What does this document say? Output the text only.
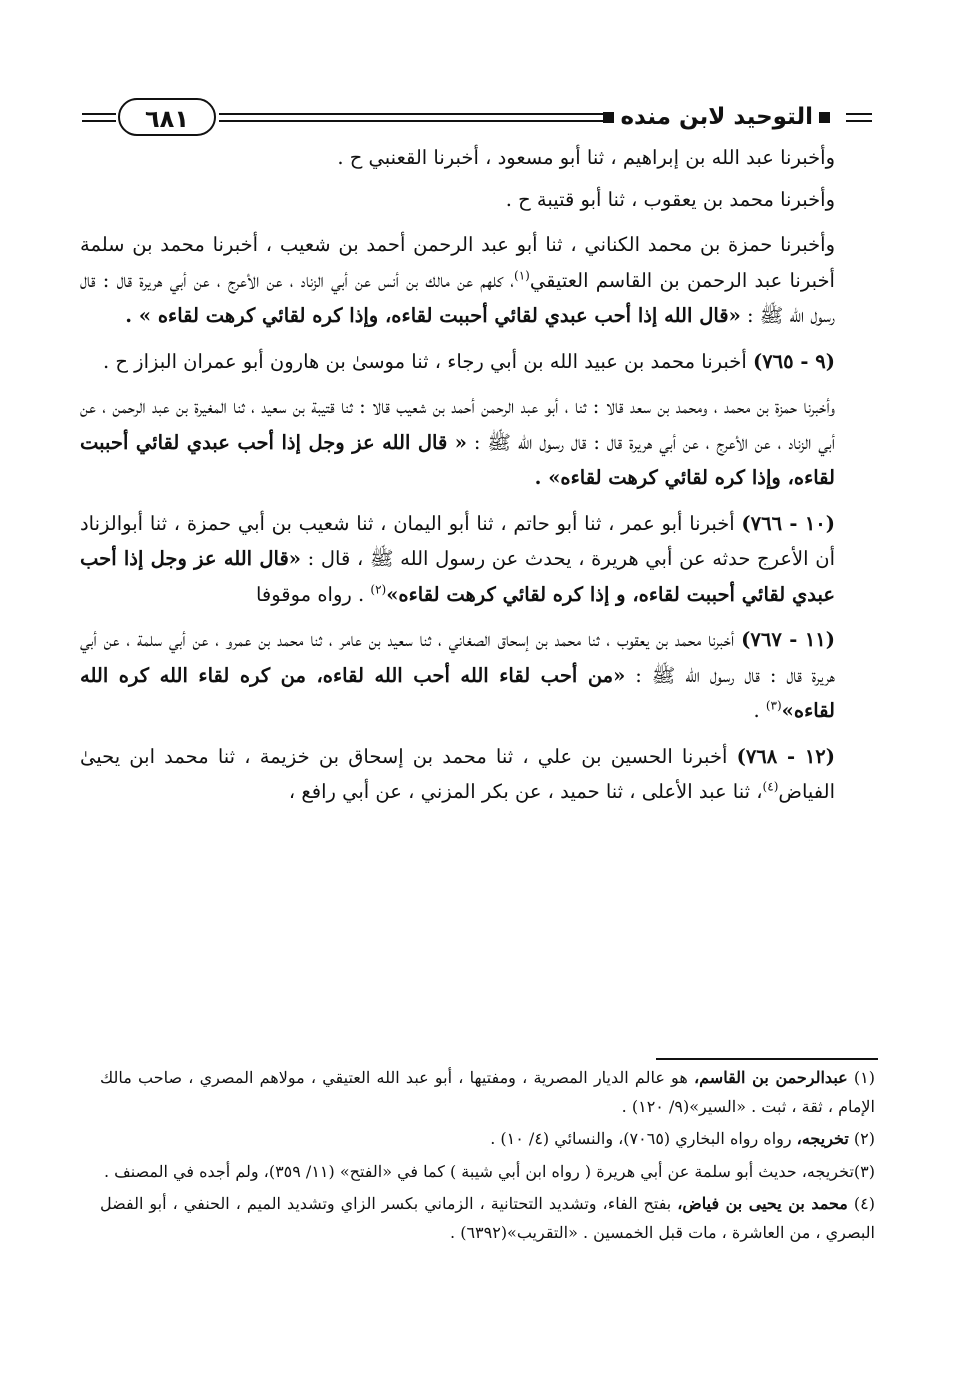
التوحيد لابن منده
٦٨١

وأخبرنا عبد الله بن إبراهيم ، ثنا أبو مسعود ، أخبرنا القعنبي ح .

وأخبرنا محمد بن يعقوب ، ثنا أبو قتيبة ح .

وأخبرنا حمزة بن محمد الكناني ، ثنا أبو عبد الرحمن أحمد بن شعيب ، أخبرنا محمد بن سلمة أخبرنا عبد الرحمن بن القاسم العتيقي$^{(١)}$، كلهم عن مالك بن أنس عن أبي الزناد ، عن الأعرج ، عن أبي هريرة قال : قال رسول الله ﷺ : «قال الله إذا أحب عبدي لقائي أحببت لقاءه، وإذا كره لقائي كرهت لقاءه » .

(٩ - ٧٦٥) أخبرنا محمد بن عبيد الله بن أبي رجاء ، ثنا موسىٰ بن هارون أبو عمران البزاز ح .

وأخبرنا حمزة بن محمد ، ومحمد بن سعد قالا : ثنا ، أبو عبد الرحمن أحمد بن شعيب قالا : ثنا قتيبة بن سعيد ، ثنا المغيرة بن عبد الرحمن ، عن أبي الزناد ، عن الأعرج ، عن أبي هريرة قال : قال رسول الله ﷺ : « قال الله عز وجل إذا أحب عبدي لقائي أحببت لقاءه، وإذا كره لقائي كرهت لقاءه» .

(١٠ - ٧٦٦) أخبرنا أبو عمر ، ثنا أبو حاتم ، ثنا أبو اليمان ، ثنا شعيب بن أبي حمزة ، ثنا أبوالزناد أن الأعرج حدثه عن أبي هريرة ، يحدث عن رسول الله ﷺ ، قال : «قال الله عز وجل إذا أحب عبدي لقائي أحببت لقاءه، و إذا كره لقائي كرهت لقاءه»$^{(٢)}$ . رواه موقوفا

(١١ - ٧٦٧) أخبرنا محمد بن يعقوب ، ثنا محمد بن إسحاق الصغاني ، ثنا سعيد بن عامر ، ثنا محمد بن عمرو ، عن أبي سلمة ، عن أبي هريرة قال : قال رسول الله ﷺ : «من أحب لقاء الله أحب الله لقاءه، من كره لقاء الله كره الله لقاءه»$^{(٣)}$ .

(١٢ - ٧٦٨) أخبرنا الحسين بن علي ، ثنا محمد بن إسحاق بن خزيمة ، ثنا محمد ابن يحيىٰ الفياض$^{(٤)}$، ثنا عبد الأعلى ، ثنا حميد ، عن بكر المزني ، عن أبي رافع ،

(١) عبدالرحمن بن القاسم، هو عالم الديار المصرية ، ومفتيها ، أبو عبد الله العتيقي ، مولاهم المصري ، صاحب مالك الإمام ، ثقة ، ثبت . «السير»(٩/ ١٢٠) .

(٢) تخريجه، رواه رواه البخاري (٧٠٦٥)، والنسائي (٤/ ١٠) .

(٣)تخريجه، حديث أبو سلمة عن أبي هريرة ( رواه ابن أبي شيبة ) كما في «الفتح» (١١/ ٣٥٩)، ولم أجده في المصنف .

(٤) محمد بن يحيى بن فياض، بفتح الفاء، وتشديد التحتانية ، الزماني بكسر الزاي وتشديد الميم ، الحنفي ، أبو الفضل البصري ، من العاشرة ، مات قبل الخمسين . «التقريب»(٦٣٩٢) .
